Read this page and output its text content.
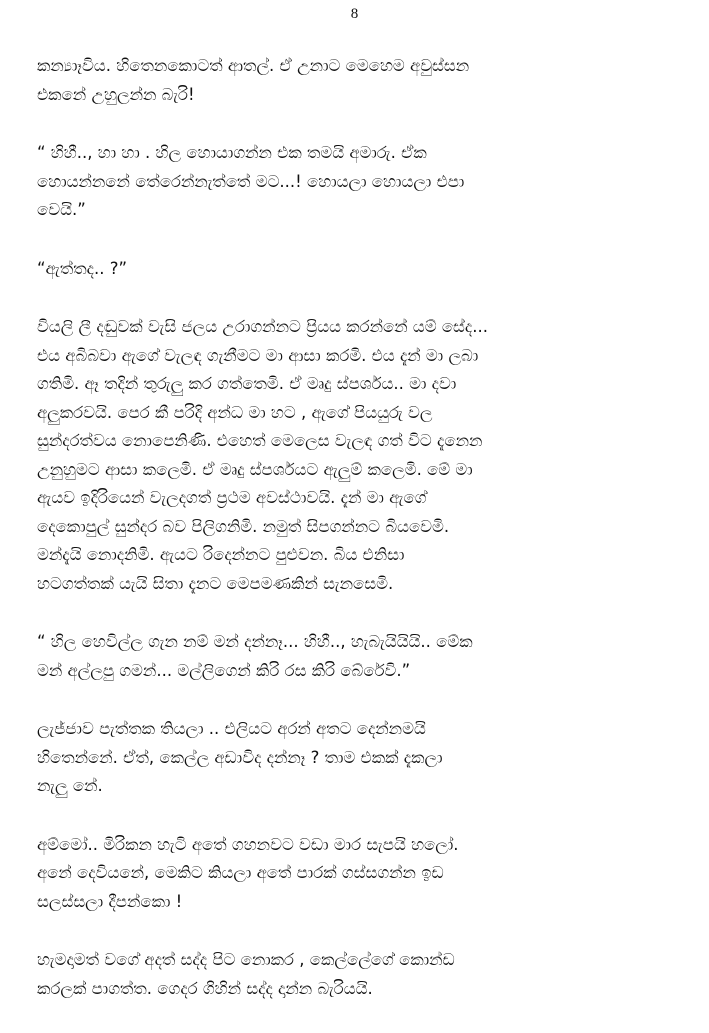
8

කන්‍යාෑවිය. හිතෙනකොටත් ආතල්. ඒ උනාට මෙහෙම අවුස්සන
එකනේ උහුලන්න බැරි!

“ හිහී.., හා හා . හිල හොයාගන්න එක තමයි අමාරු. ඒක
හොයන්නනේ තේරෙන්නැත්තේ මට...! හොයලා හොයලා එපා
වෙයි.”

“ඇත්තද.. ?”

වියලි ලී දඬුවක් වැසි ජලය උරාගන්නට ප්‍රියය කරන්නේ යම් සේද...
එය අබිබවා ඇගේ වැලඳ ගැනීමට මා ආසා කරමි. එය දැන් මා ලබා
ගතිමි. ඈ තදින් තුරුලු කර ගත්තෙමි. ඒ මෘදු ස්පර්ශය.. මා දවා
අලුකරවයි. පෙර කී පරිදි අන්ධ මා හට , ඇගේ පියයුරු වල
සුන්දරත්වය නොපෙනිණි. එහෙත් මෙලෙස වැලඳ ගත් විට දැනෙන
උනුහුමට ආසා කලෙමි. ඒ මෘදු ස්පර්ශයට ඇලුම් කලෙමි. මේ මා
ඇයව ඉදිරියෙන් වැලදගත් ප්‍රථම අවස්ථාවයි. දැන් මා ඇගේ
දෙකොපුල් සුන්දර බව පිලිගනිමි. නමුත් සිපගන්නට බියවෙමි.
මන්දැයි නොදනිමි. ඇයට රිදෙන්නට පුළුවන. බිය එනිසා
හටගත්තක් යැයි සිතා දැනට මෙපමණකින් සැනසෙමි.

“ හිල හෙවිල්ල ගැන නම් මන් දන්නෑ... හිහී.., හැබැයියියි.. මේක
මන් අල්ලපු ගමන්... මල්ලිගෙන් කිරි රස කිරි බේරේවි.”

ලැජ්ජාව පැත්තක තියලා .. එලියට අරන් අතට දෙන්නමයි
හිතෙන්නේ. ඒත්, කෙල්ල අඩාවිද දන්නෑ ? තාම එකක් දැකලා
නැලු නේ.

අම්මෝ.. මිරිකන හැටි අතේ ගහනවට වඩා මාර සැපයි හලෝ.
අනේ දෙවියනේ, මෙකිට කියලා අතේ පාරක් ගස්සගන්න ඉඩ
සලස්සලා දීපන්කො !

හැමදාමත් වගේ අදත් සද්ද පිට නොකර , කෙල්ලේගේ කොන්ඩ
කරලක් පාගත්ත. ගෙදර ගිහින් සද්ද දාන්න බැරියයි.
